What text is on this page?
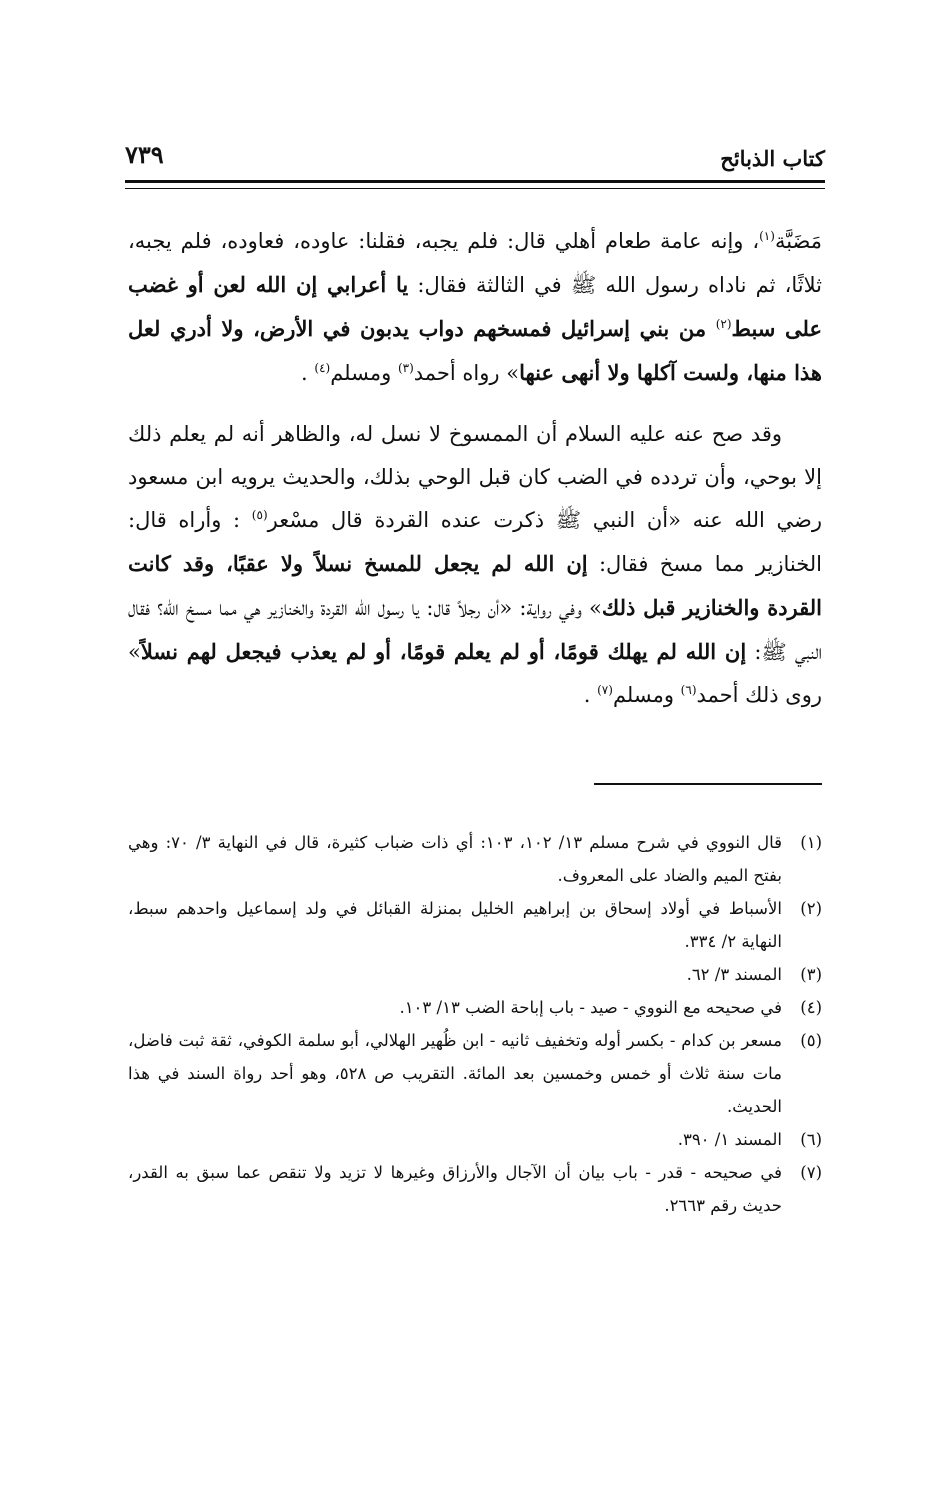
كتاب الذبائح
٧٣٩

مَضَبَّة$^{(١)}$، وإنه عامة طعام أهلي قال: فلم يجبه، فقلنا: عاوده، فعاوده، فلم يجبه، ثلاثًا، ثم ناداه رسول الله ﷺ في الثالثة فقال: يا أعرابي إن الله لعن أو غضب على سبط$^{(٢)}$ من بني إسرائيل فمسخهم دواب يدبون في الأرض، ولا أدري لعل هذا منها، ولست آكلها ولا أنهى عنها» رواه أحمد$^{(٣)}$ ومسلم$^{(٤)}$ .

وقد صح عنه عليه السلام أن الممسوخ لا نسل له، والظاهر أنه لم يعلم ذلك إلا بوحي، وأن تردده في الضب كان قبل الوحي بذلك، والحديث يرويه ابن مسعود رضي الله عنه «أن النبي ﷺ ذكرت عنده القردة قال مسْعر$^{(٥)}$ : وأراه قال: الخنازير مما مسخ فقال: إن الله لم يجعل للمسخ نسلاً ولا عقبًا، وقد كانت القردة والخنازير قبل ذلك» وفي رواية: «أن رجلاً قال: يا رسول الله القردة والخنازير هي مما مسخ الله؟ فقال النبي ﷺ: إن الله لم يهلك قومًا، أو لم يعلم قومًا، أو لم يعذب فيجعل لهم نسلاً» روى ذلك أحمد$^{(٦)}$ ومسلم$^{(٧)}$ .

(١)
قال النووي في شرح مسلم ١٣/ ١٠٢، ١٠٣: أي ذات ضباب كثيرة، قال في النهاية ٣/ ٧٠: وهي بفتح الميم والضاد على المعروف.
(٢)
الأسباط في أولاد إسحاق بن إبراهيم الخليل بمنزلة القبائل في ولد إسماعيل واحدهم سبط، النهاية ٢/ ٣٣٤.
(٣)
المسند ٣/ ٦٢.
(٤)
في صحيحه مع النووي - صيد - باب إباحة الضب ١٣/ ١٠٣.
(٥)
مسعر بن كدام - بكسر أوله وتخفيف ثانيه - ابن ظُهير الهلالي، أبو سلمة الكوفي، ثقة ثبت فاضل، مات سنة ثلاث أو خمس وخمسين بعد المائة. التقريب ص ٥٢٨، وهو أحد رواة السند في هذا الحديث.
(٦)
المسند ١/ ٣٩٠.
(٧)
في صحيحه - قدر - باب بيان أن الآجال والأرزاق وغيرها لا تزيد ولا تنقص عما سبق به القدر، حديث رقم ٢٦٦٣.
